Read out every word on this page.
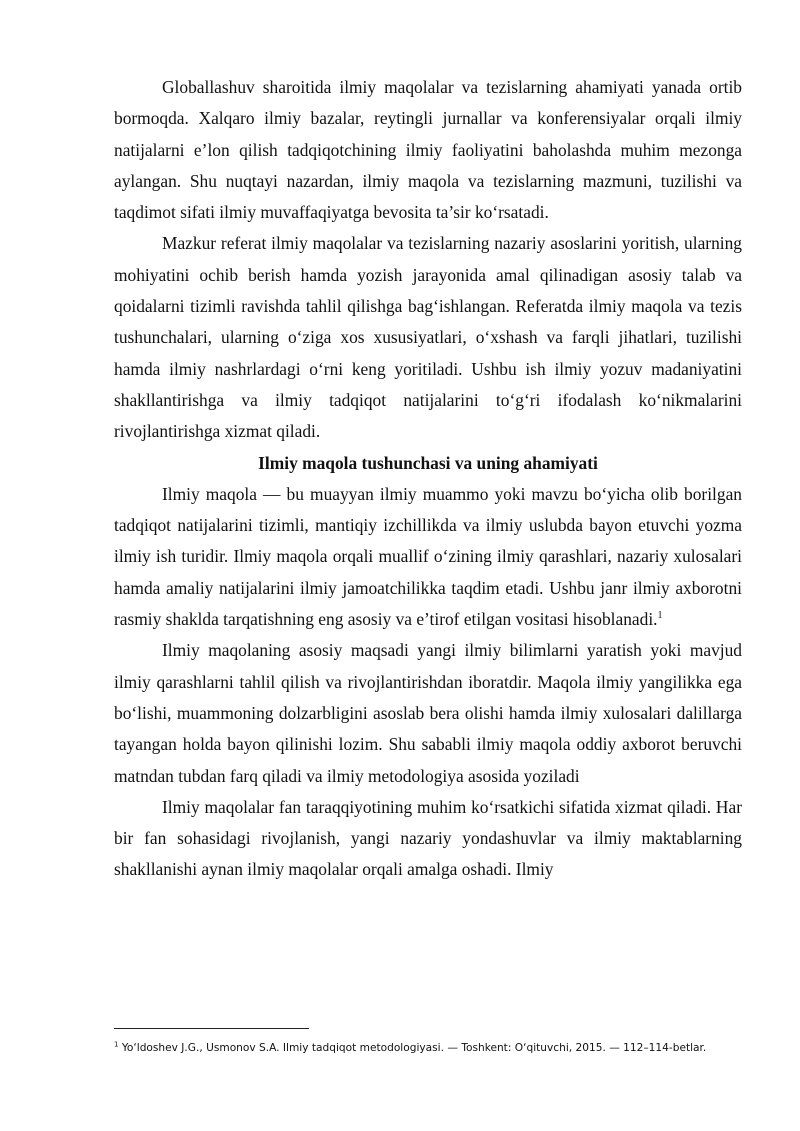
Globallashuv sharoitida ilmiy maqolalar va tezislarning ahamiyati yanada ortib bormoqda. Xalqaro ilmiy bazalar, reytingli jurnallar va konferensiyalar orqali ilmiy natijalarni e’lon qilish tadqiqotchining ilmiy faoliyatini baholashda muhim mezonga aylangan. Shu nuqtayi nazardan, ilmiy maqola va tezislarning mazmuni, tuzilishi va taqdimot sifati ilmiy muvaffaqiyatga bevosita ta’sir ko‘rsatadi.

Mazkur referat ilmiy maqolalar va tezislarning nazariy asoslarini yoritish, ularning mohiyatini ochib berish hamda yozish jarayonida amal qilinadigan asosiy talab va qoidalarni tizimli ravishda tahlil qilishga bag‘ishlangan. Referatda ilmiy maqola va tezis tushunchalari, ularning o‘ziga xos xususiyatlari, o‘xshash va farqli jihatlari, tuzilishi hamda ilmiy nashrlardagi o‘rni keng yoritiladi. Ushbu ish ilmiy yozuv madaniyatini shakllantirishga va ilmiy tadqiqot natijalarini to‘g‘ri ifodalash ko‘nikmalarini rivojlantirishga xizmat qiladi.

Ilmiy maqola tushunchasi va uning ahamiyati

Ilmiy maqola — bu muayyan ilmiy muammo yoki mavzu bo‘yicha olib borilgan tadqiqot natijalarini tizimli, mantiqiy izchillikda va ilmiy uslubda bayon etuvchi yozma ilmiy ish turidir. Ilmiy maqola orqali muallif o‘zining ilmiy qarashlari, nazariy xulosalari hamda amaliy natijalarini ilmiy jamoatchilikka taqdim etadi. Ushbu janr ilmiy axborotni rasmiy shaklda tarqatishning eng asosiy va e’tirof etilgan vositasi hisoblanadi.$^1$

Ilmiy maqolaning asosiy maqsadi yangi ilmiy bilimlarni yaratish yoki mavjud ilmiy qarashlarni tahlil qilish va rivojlantirishdan iboratdir. Maqola ilmiy yangilikka ega bo‘lishi, muammoning dolzarbligini asoslab bera olishi hamda ilmiy xulosalari dalillarga tayangan holda bayon qilinishi lozim. Shu sababli ilmiy maqola oddiy axborot beruvchi matndan tubdan farq qiladi va ilmiy metodologiya asosida yoziladi

Ilmiy maqolalar fan taraqqiyotining muhim ko‘rsatkichi sifatida xizmat qiladi. Har bir fan sohasidagi rivojlanish, yangi nazariy yondashuvlar va ilmiy maktablarning shakllanishi aynan ilmiy maqolalar orqali amalga oshadi. Ilmiy

$^1$ Yo‘ldoshev J.G., Usmonov S.A. Ilmiy tadqiqot metodologiyasi. — Toshkent: O‘qituvchi, 2015. — 112–114-betlar.
